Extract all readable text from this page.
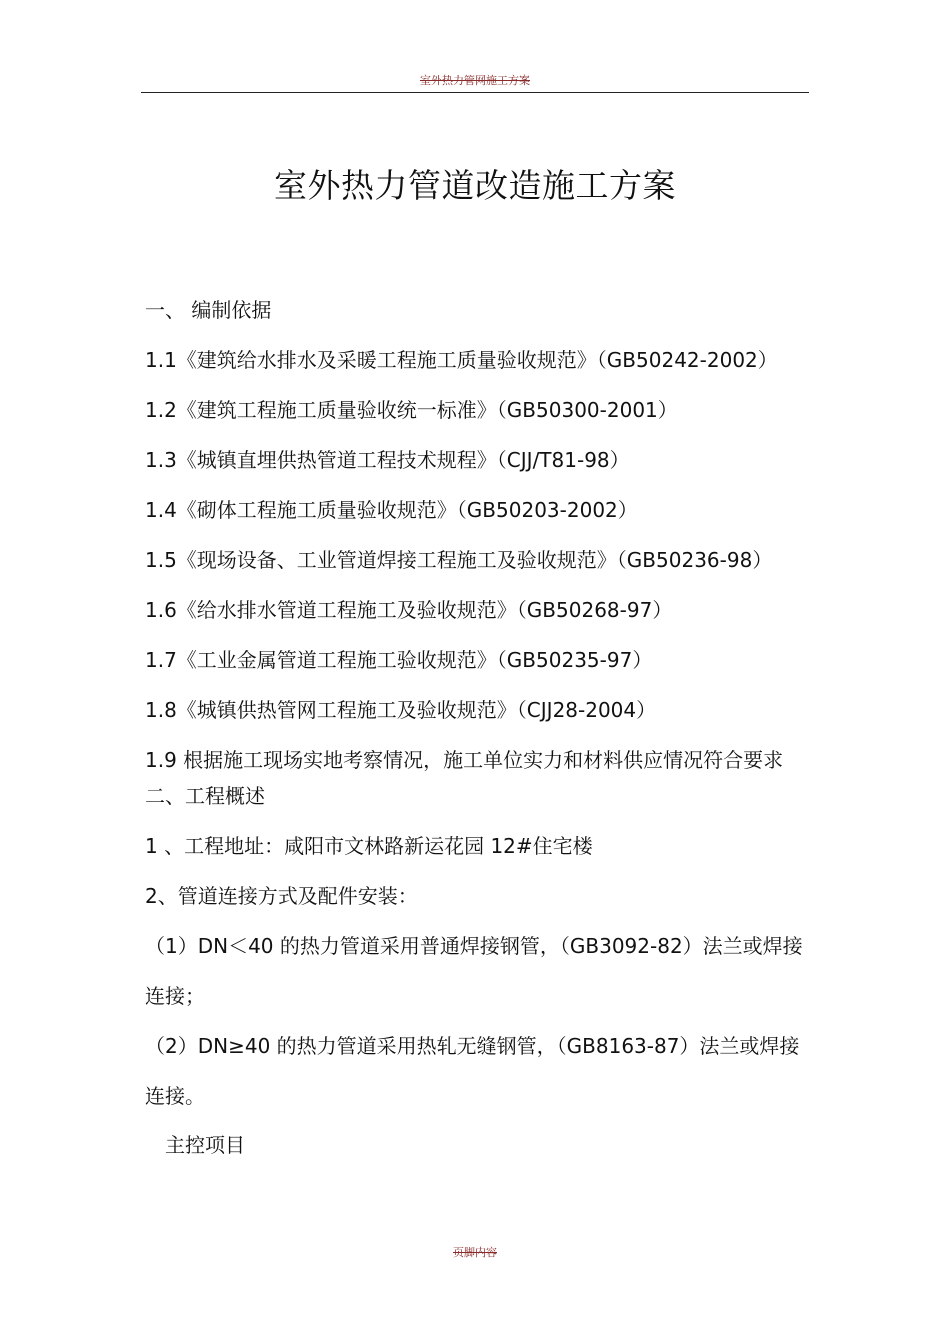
室外热力管网施工方案
室外热力管道改造施工方案
一、 编制依据
1.1《建筑给水排水及采暖工程施工质量验收规范》（GB50242-2002）
1.2《建筑工程施工质量验收统一标准》（GB50300-2001）
1.3《城镇直埋供热管道工程技术规程》（CJJ/T81-98）
1.4《砌体工程施工质量验收规范》（GB50203-2002）
1.5《现场设备、工业管道焊接工程施工及验收规范》（GB50236-98）
1.6《给水排水管道工程施工及验收规范》（GB50268-97）
1.7《工业金属管道工程施工验收规范》（GB50235-97）
1.8《城镇供热管网工程施工及验收规范》（CJJ28-2004）
1.9 根据施工现场实地考察情况，施工单位实力和材料供应情况符合要求
二、工程概述
1 、工程地址：咸阳市文林路新运花园 12#住宅楼
2、管道连接方式及配件安装：
（1）DN＜40 的热力管道采用普通焊接钢管，（GB3092-82）法兰或焊接连接；
（2）DN≥40 的热力管道采用热轧无缝钢管，（GB8163-87）法兰或焊接连接。
主控项目
页脚内容
